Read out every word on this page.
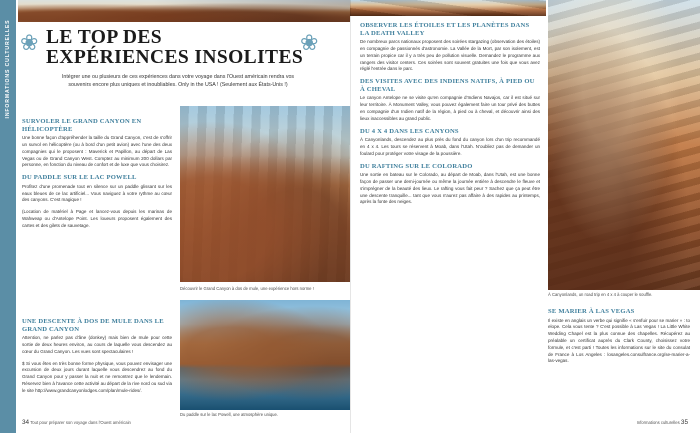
INFORMATIONS CULTURELLES LE TOP DES EXPÉRIENCES INSOLITES
❀	❀
Intégrer une ou plusieurs de ces expériences dans votre voyage dans l'Ouest américain rendra vos souvenirs encore plus uniques et inoubliables. Only in the USA ! (Seulement aux États-Unis !)
SURVOLER LE GRAND CANYON EN HÉLICOPTÈRE

Une bonne façon d'appréhender la taille du Grand Canyon, c'est de s'offrir un survol en hélicoptère (ou à bord d'un petit avion) avec l'une des deux compagnies qui le proposent : Maverick et Papillon, au départ de Las Vegas ou de Grand Canyon West. Comptez au minimum 200 dollars par personne, en fonction du niveau de confort et de luxe que vous choisirez.

DU PADDLE SUR LE LAC POWELL

Profitez d'une promenade tout en silence sur un paddle glissant sur les eaux bleues de ce lac artificiel... Vous naviguez à votre rythme au cœur des canyons. C'est magique !

(Location de matériel à Page et lancez-vous depuis les marinas de Wahweap ou d'Antelope Point. Les loueurs proposent également des cartes et des gilets de sauvetage.

Découvrir le Grand Canyon à dos de mule, une expérience hors norme !
UNE DESCENTE À DOS DE MULE DANS LE GRAND CANYON

Attention, ne parlez pas d'âne (donkey) mais bien de mule pour cette sortie de deux heures environ, au cours de laquelle vous descendez au cœur du Grand Canyon. Les vues sont spectaculaires !

$ Si vous êtes en très bonne forme physique, vous pouvez envisager une excursion de deux jours durant laquelle vous descendrez au fond du Grand Canyon pour y passer la nuit et ne remontrez que le lendemain. Réservez bien à l'avance cette activité au départ de la rive nord ou sud via le site http://www.grandcanyonlodges.com/plan/mule-rides/.

Du paddle sur le lac Powell, une atmosphère unique.
34 Tout pour préparer son voyage dans l'Ouest américain
OBSERVER LES ÉTOILES ET LES PLANÈTES DANS LA DEATH VALLEY

De nombreux parcs nationaux proposent des soirées stargazing (observation des étoiles) en compagnie de passionnés d'astronomie. La Vallée de la Mort, par son isolement, est un terrain propice car il y a très peu de pollution visuelle. Demandez le programme aux rangers des visitor centers. Ces soirées sont souvent gratuites une fois que vous avez réglé l'entrée dans le parc.

DES VISITES AVEC DES INDIENS NATIFS, À PIED OU À CHEVAL

Le canyon Antelope ne se visite qu'en compagnie d'Indiens Navajos, car il est situé sur leur territoire. À Monument Valley, vous pouvez également faire un tour privé des buttes en compagnie d'un Indien natif de la région, à pied ou à cheval, et découvrir ainsi des lieux inaccessibles au grand public.

DU 4 X 4 DANS LES CANYONS

À Canyonlands, descendez au plus près du fond du canyon lors d'un trip recommandé en 4 x 4. Les tours se réservent à Moab, dans l'Utah. N'oubliez pas de demander un foulard pour protéger votre visage de la poussière.

DU RAFTING SUR LE COLORADO

Une sortie en bateau sur le Colorado, au départ de Moab, dans l'Utah, est une bonne façon de passer une demi-journée ou même la journée entière à descendre le fleuve et s'imprégner de la beauté des lieux. Le rafting vous fait peur ? Sachez que ça peut être une descente tranquille... tant que vous n'aurez pas affaire à des rapides au printemps, après la fonte des neiges.

À Canyonlands, un road trip en 4 x 4 à couper le souffle.
SE MARIER À LAS VEGAS

Il existe en anglais un verbe qui signifie « s'enfuir pour se marier » : to elope. Cela vous tente ? C'est possible à Las Vegas ! La Little White Wedding Chapel est la plus connue des chapelles. Récupérez au préalable un certificat auprès du Clark County, choisissez votre formule, et c'est parti ! Toutes les informations sur le site du consulat de France à Los Angeles : losangeles.consulfrance.org/se-marier-a-las-vegas.

Informations culturelles 35
